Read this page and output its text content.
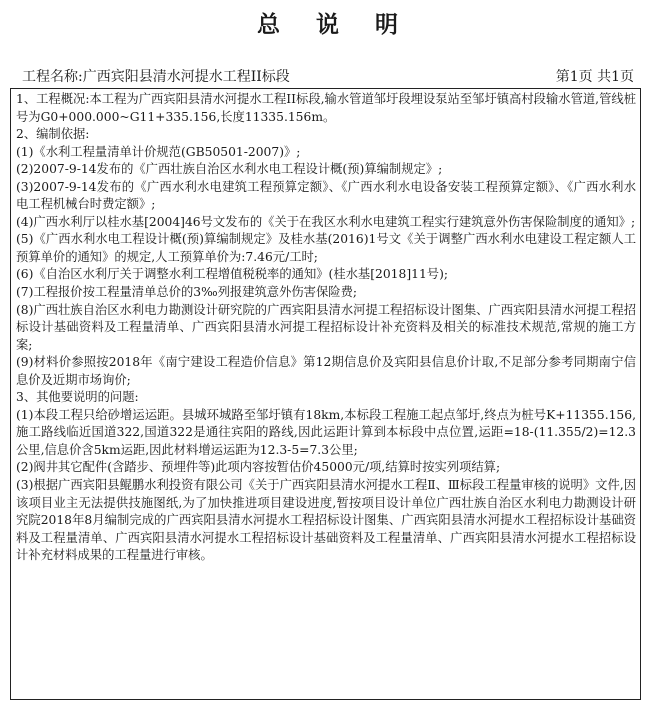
总 说 明
工程名称:广西宾阳县清水河提水工程II标段	第1页 共1页

1、工程概况:本工程为广西宾阳县清水河提水工程II标段,输水管道邹圩段埋设泵站至邹圩镇高村段输水管道,管线桩号为G0+000.000~G11+335.156,长度11335.156m。

2、编制依据:

(1)《水利工程量清单计价规范(GB50501-2007)》;

(2)2007-9-14发布的《广西壮族自治区水利水电工程设计概(预)算编制规定》;

(3)2007-9-14发布的《广西水利水电建筑工程预算定额》、《广西水利水电设备安装工程预算定额》、《广西水利水电工程机械台时费定额》;

(4)广西水利厅以桂水基[2004]46号文发布的《关于在我区水利水电建筑工程实行建筑意外伤害保险制度的通知》;

(5)《广西水利水电工程设计概(预)算编制规定》及桂水基(2016)1号文《关于调整广西水利水电建设工程定额人工预算单价的通知》的规定,人工预算单价为:7.46元/工时;

(6)《自治区水利厅关于调整水利工程增值税税率的通知》(桂水基[2018]11号);

(7)工程报价按工程量清单总价的3‰列报建筑意外伤害保险费;

(8)广西壮族自治区水利电力勘测设计研究院的广西宾阳县清水河提工程招标设计图集、广西宾阳县清水河提工程招标设计基础资料及工程量清单、广西宾阳县清水河提工程招标设计补充资料及相关的标准技术规范,常规的施工方案;

(9)材料价参照按2018年《南宁建设工程造价信息》第12期信息价及宾阳县信息价计取,不足部分参考同期南宁信息价及近期市场询价;

3、其他要说明的问题:

(1)本段工程只给砂增运运距。县城环城路至邹圩镇有18km,本标段工程施工起点邹圩,终点为桩号K+11355.156,施工路线临近国道322,国道322是通往宾阳的路线,因此运距计算到本标段中点位置,运距=18-(11.355/2)=12.3公里,信息价含5km运距,因此材料增运运距为12.3-5=7.3公里;

(2)阀井其它配件(含踏步、预埋件等)此项内容按暂估价45000元/项,结算时按实列项结算;

(3)根据广西宾阳县鲲鹏水利投资有限公司《关于广西宾阳县清水河提水工程Ⅱ、Ⅲ标段工程量审核的说明》文件,因该项目业主无法提供技施图纸,为了加快推进项目建设进度,暂按项目设计单位广西壮族自治区水利电力勘测设计研究院2018年8月编制完成的广西宾阳县清水河提水工程招标设计图集、广西宾阳县清水河提水工程招标设计基础资料及工程量清单、广西宾阳县清水河提水工程招标设计基础资料及工程量清单、广西宾阳县清水河提水工程招标设计补充材料成果的工程量进行审核。
